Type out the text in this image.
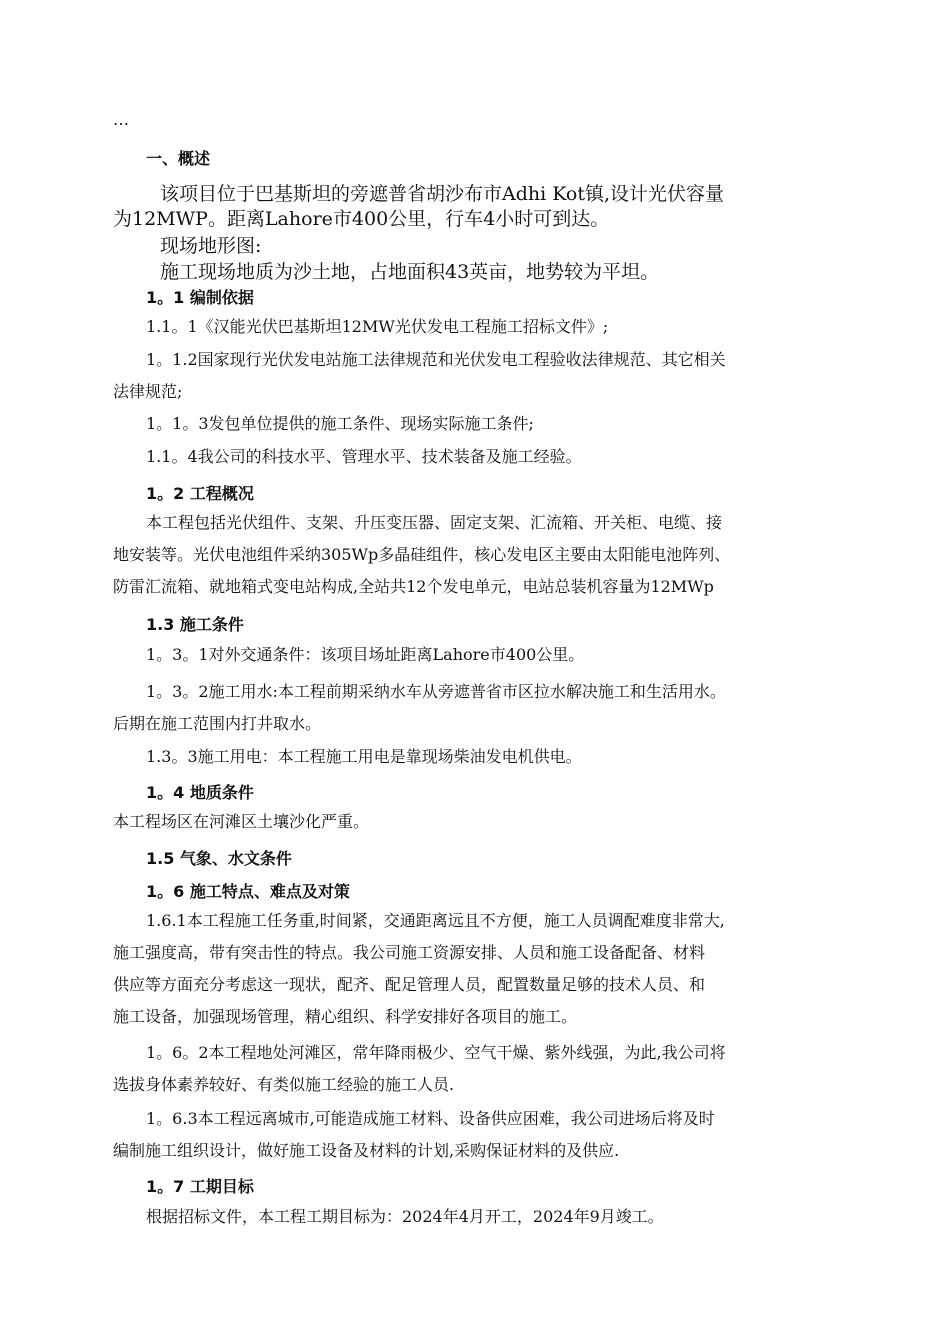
…
一、概述
该项目位于巴基斯坦的旁遮普省胡沙布市Adhi Kot镇,设计光伏容量
为12MWP。距离Lahore市400公里，行车4小时可到达。
现场地形图:
施工现场地质为沙土地，占地面积43英亩，地势较为平坦。
1。1 编制依据
1.1。1《汉能光伏巴基斯坦12MW光伏发电工程施工招标文件》;
1。1.2国家现行光伏发电站施工法律规范和光伏发电工程验收法律规范、其它相关
法律规范;
1。1。3发包单位提供的施工条件、现场实际施工条件;
1.1。4我公司的科技水平、管理水平、技术装备及施工经验。
1。2 工程概况
本工程包括光伏组件、支架、升压变压器、固定支架、汇流箱、开关柜、电缆、接
地安装等。光伏电池组件采纳305Wp多晶硅组件，核心发电区主要由太阳能电池阵列、
防雷汇流箱、就地箱式变电站构成,全站共12个发电单元，电站总装机容量为12MWp
1.3 施工条件
1。3。1对外交通条件：该项目场址距离Lahore市400公里。
1。3。2施工用水:本工程前期采纳水车从旁遮普省市区拉水解决施工和生活用水。
后期在施工范围内打井取水。
1.3。3施工用电：本工程施工用电是靠现场柴油发电机供电。
1。4 地质条件
本工程场区在河滩区土壤沙化严重。
1.5 气象、水文条件
1。6 施工特点、难点及对策
1.6.1本工程施工任务重,时间紧，交通距离远且不方便，施工人员调配难度非常大,
施工强度高，带有突击性的特点。我公司施工资源安排、人员和施工设备配备、材料
供应等方面充分考虑这一现状，配齐、配足管理人员，配置数量足够的技术人员、和
施工设备，加强现场管理，精心组织、科学安排好各项目的施工。
1。6。2本工程地处河滩区，常年降雨极少、空气干燥、紫外线强，为此,我公司将
选拔身体素养较好、有类似施工经验的施工人员.
1。6.3本工程远离城市,可能造成施工材料、设备供应困难，我公司进场后将及时
编制施工组织设计，做好施工设备及材料的计划,采购保证材料的及供应.
1。7 工期目标
根据招标文件，本工程工期目标为：2024年4月开工，2024年9月竣工。
